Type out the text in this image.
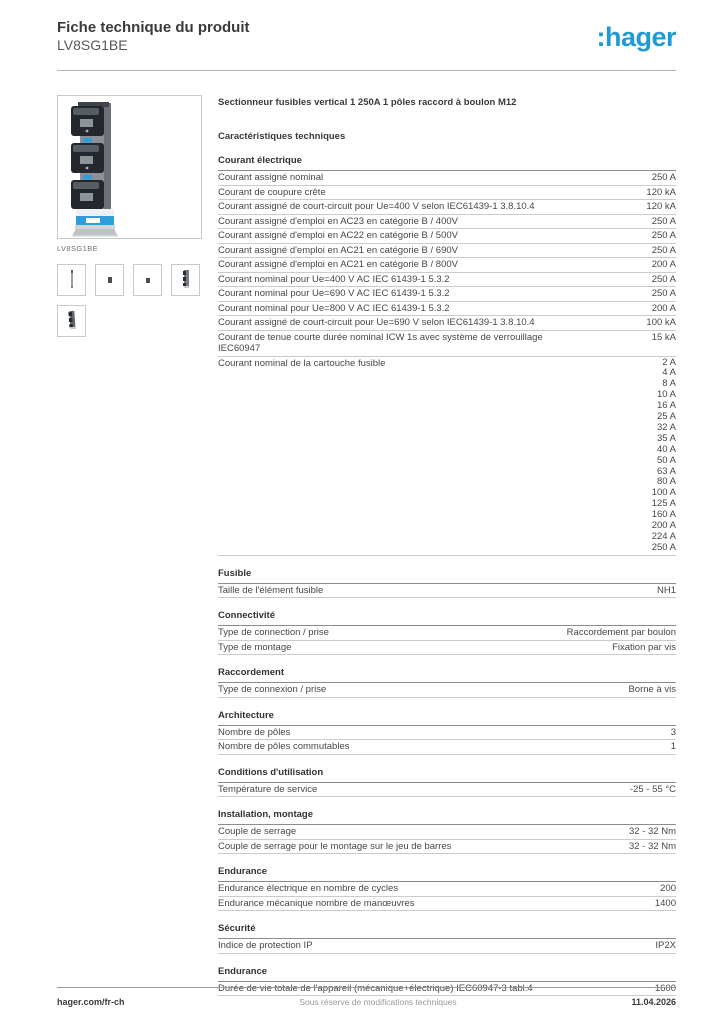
Fiche technique du produit
LV8SG1BE	:hager
LV8SG1BE
Sectionneur fusibles vertical 1 250A 1 pôles raccord à boulon M12
Caractéristiques techniques
Courant électrique
Courant assigné nominal	250 A
Courant de coupure crête	120 kA
Courant assigné de court-circuit pour Ue=400 V selon IEC61439-1 3.8.10.4	120 kA
Courant assigné d'emploi en AC23 en catégorie B / 400V	250 A
Courant assigné d'emploi en AC22 en catégorie B / 500V	250 A
Courant assigné d'emploi en AC21 en catégorie B / 690V	250 A
Courant assigné d'emploi en AC21 en catégorie B / 800V	200 A
Courant nominal pour Ue=400 V AC IEC 61439-1 5.3.2	250 A
Courant nominal pour Ue=690 V AC IEC 61439-1 5.3.2	250 A
Courant nominal pour Ue=800 V AC IEC 61439-1 5.3.2	200 A
Courant assigné de court-circuit pour Ue=690 V selon IEC61439-1 3.8.10.4	100 kA
Courant de tenue courte durée nominal ICW 1s avec système de verrouillage IEC60947
15 kA
Courant nominal de la cartouche fusible	2 A
4 A
8 A
10 A
16 A
25 A
32 A
35 A
40 A
50 A
63 A
80 A
100 A
125 A
160 A
200 A
224 A
250 A
Fusible
Taille de l'élément fusible	NH1
Connectivité
Type de connection / prise	Raccordement par boulon
Type de montage	Fixation par vis
Raccordement
Type de connexion / prise	Borne à vis
Architecture
Nombre de pôles	3
Nombre de pôles commutables	1
Conditions d'utilisation
Température de service	-25 - 55 °C
Installation, montage
Couple de serrage	32 - 32 Nm
Couple de serrage pour le montage sur le jeu de barres	32 - 32 Nm
Endurance
Endurance électrique en nombre de cycles	200
Endurance mécanique nombre de manœuvres	1400
Sécurité
Indice de protection IP	IP2X
Endurance
Durée de vie totale de l'appareil (mécanique+électrique) IEC60947-3 tabl.4	1600
hager.com/fr-ch	Sous réserve de modifications techniques	11.04.2026
